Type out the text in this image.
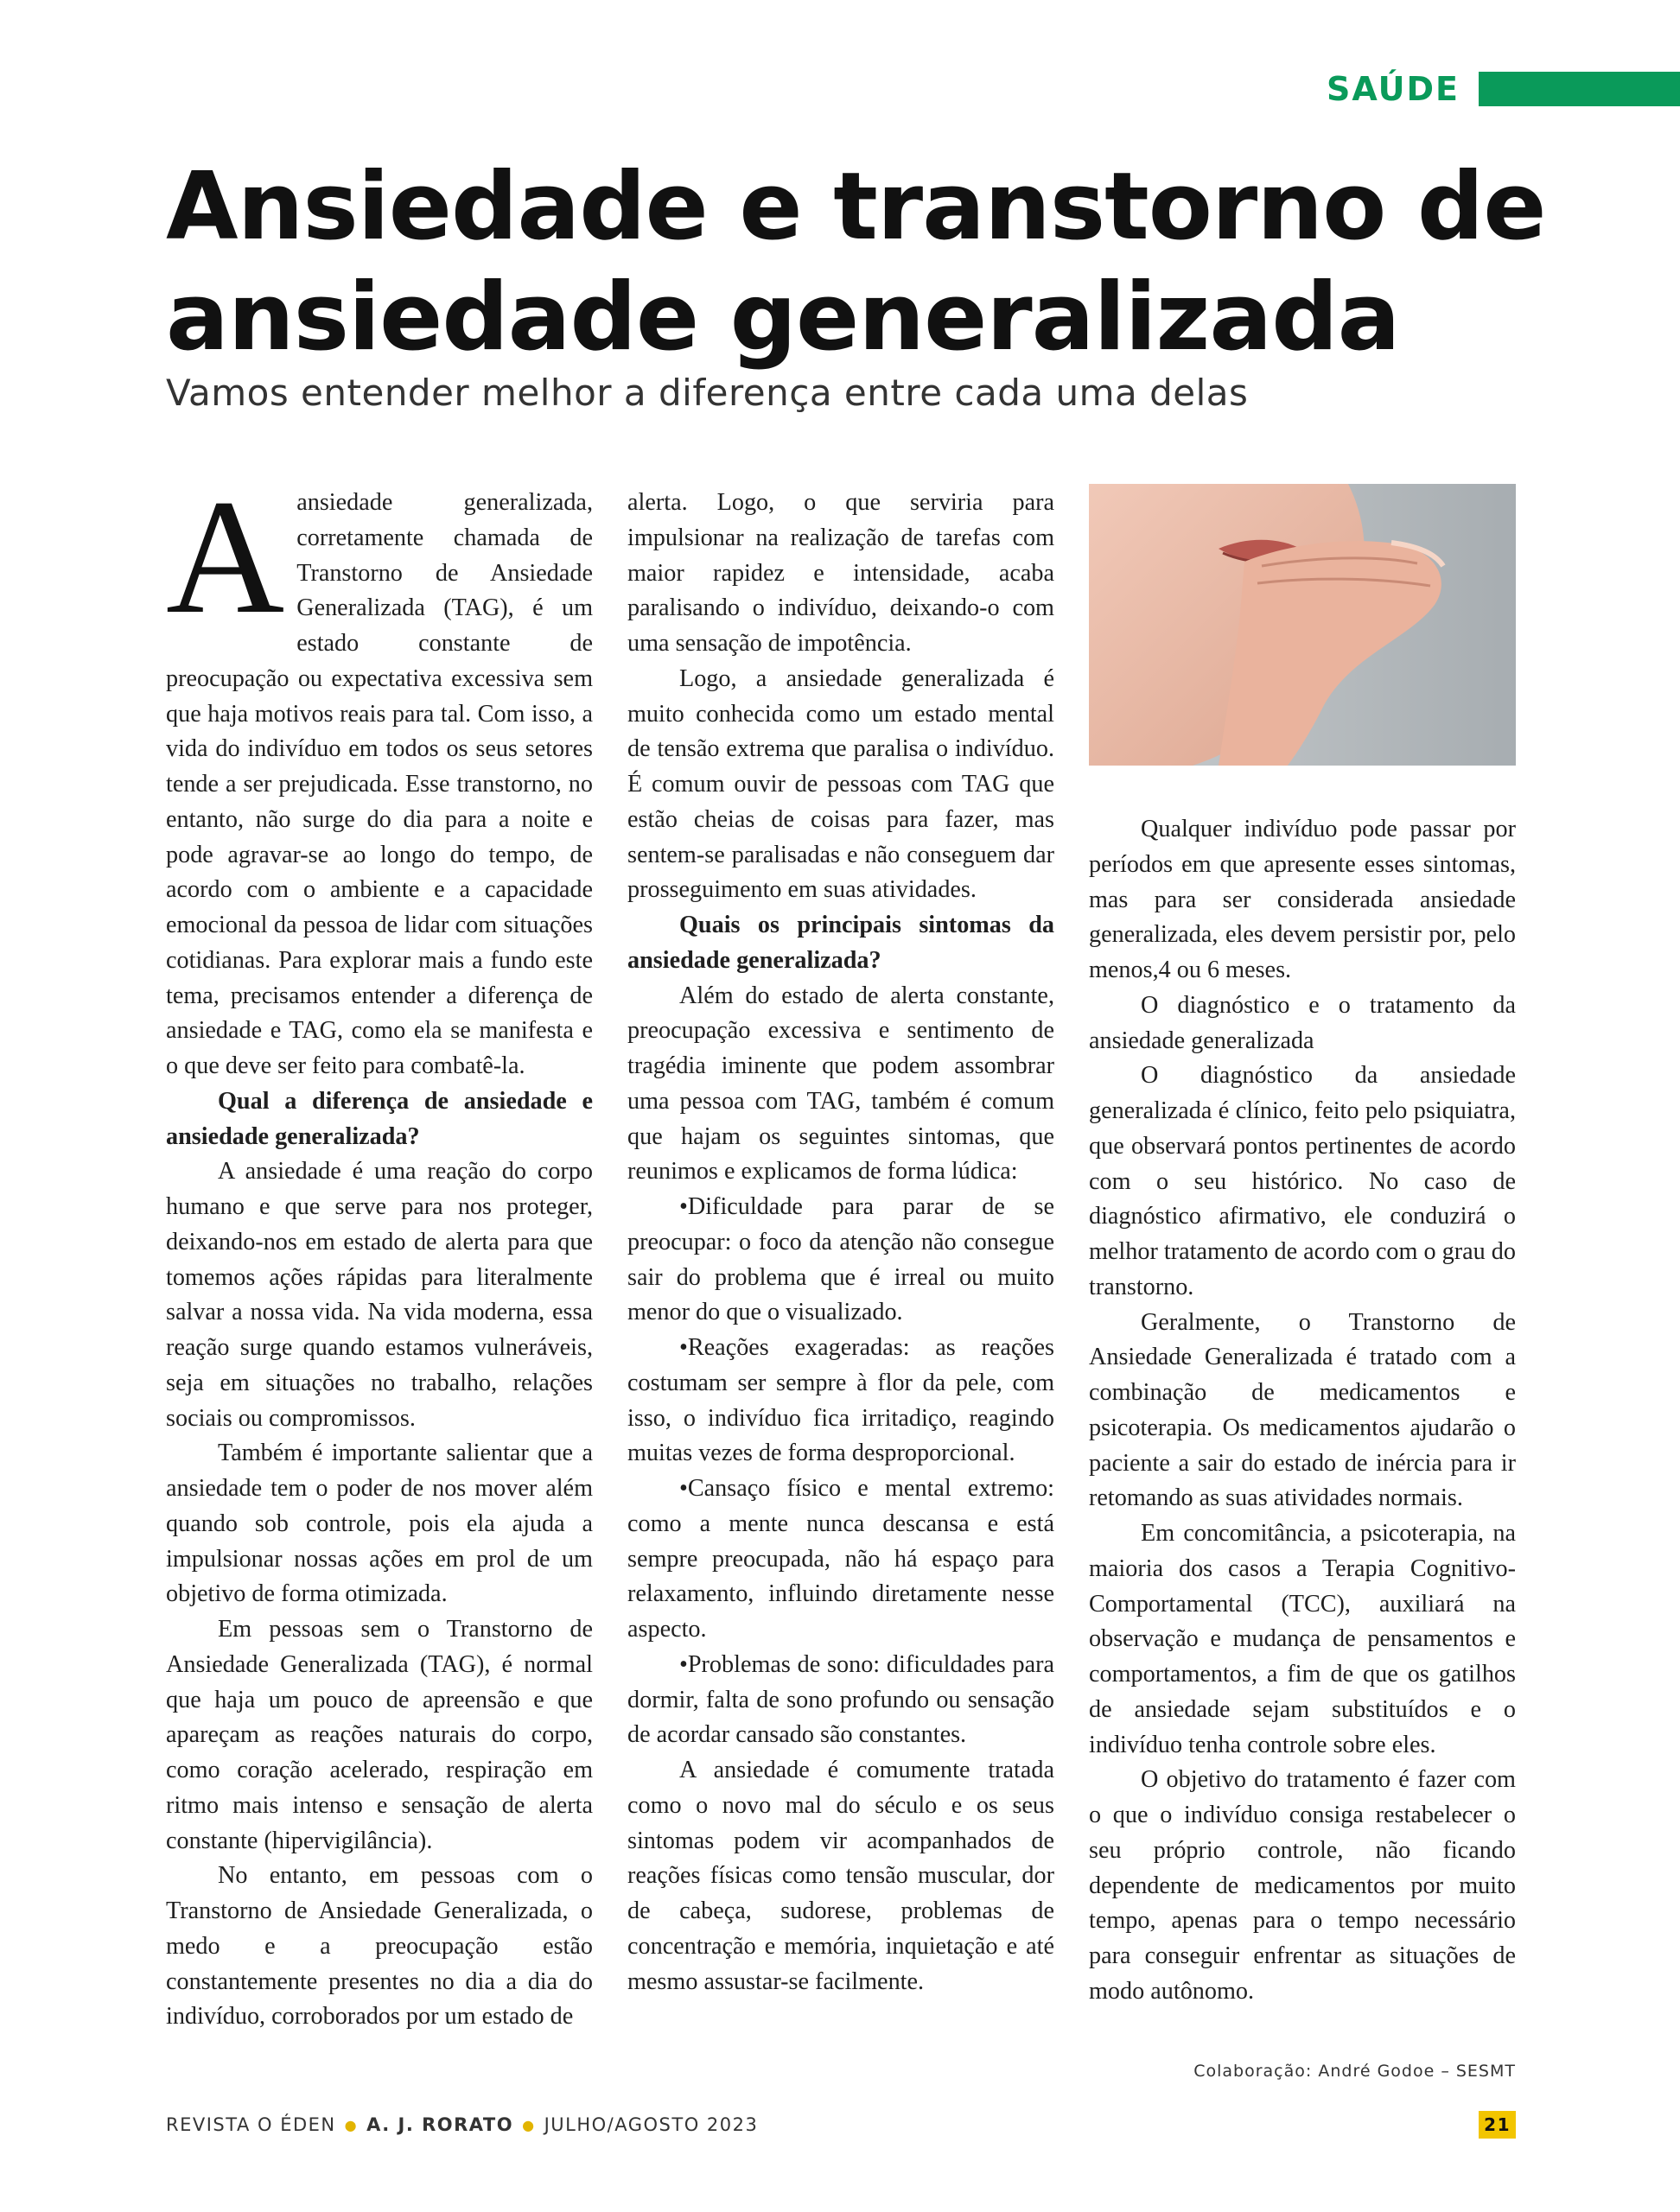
SAÚDE
Ansiedade e transtorno de ansiedade generalizada
Vamos entender melhor a diferença entre cada uma delas
A ansiedade generalizada, corretamente chamada de Transtorno de Ansiedade Generalizada (TAG), é um estado constante de preocupação ou expectativa excessiva sem que haja motivos reais para tal. Com isso, a vida do indivíduo em todos os seus setores tende a ser prejudicada. Esse transtorno, no entanto, não surge do dia para a noite e pode agravar-se ao longo do tempo, de acordo com o ambiente e a capacidade emocional da pessoa de lidar com situações cotidianas. Para explorar mais a fundo este tema, precisamos entender a diferença de ansiedade e TAG, como ela se manifesta e o que deve ser feito para combatê-la.

Qual a diferença de ansiedade e ansiedade generalizada?

A ansiedade é uma reação do corpo humano e que serve para nos proteger, deixando-nos em estado de alerta para que tomemos ações rápidas para literalmente salvar a nossa vida. Na vida moderna, essa reação surge quando estamos vulneráveis, seja em situações no trabalho, relações sociais ou compromissos.

Também é importante salientar que a ansiedade tem o poder de nos mover além quando sob controle, pois ela ajuda a impulsionar nossas ações em prol de um objetivo de forma otimizada.

Em pessoas sem o Transtorno de Ansiedade Generalizada (TAG), é normal que haja um pouco de apreensão e que apareçam as reações naturais do corpo, como coração acelerado, respiração em ritmo mais intenso e sensação de alerta constante (hipervigilância).

No entanto, em pessoas com o Transtorno de Ansiedade Generalizada, o medo e a preocupação estão constantemente presentes no dia a dia do indivíduo, corroborados por um estado de

alerta. Logo, o que serviria para impulsionar na realização de tarefas com maior rapidez e intensidade, acaba paralisando o indivíduo, deixando-o com uma sensação de impotência.

Logo, a ansiedade generalizada é muito conhecida como um estado mental de tensão extrema que paralisa o indivíduo. É comum ouvir de pessoas com TAG que estão cheias de coisas para fazer, mas sentem-se paralisadas e não conseguem dar prosseguimento em suas atividades.

Quais os principais sintomas da ansiedade generalizada?

Além do estado de alerta constante, preocupação excessiva e sentimento de tragédia iminente que podem assombrar uma pessoa com TAG, também é comum que hajam os seguintes sintomas, que reunimos e explicamos de forma lúdica:

•Dificuldade para parar de se preocupar: o foco da atenção não consegue sair do problema que é irreal ou muito menor do que o visualizado.

•Reações exageradas: as reações costumam ser sempre à flor da pele, com isso, o indivíduo fica irritadiço, reagindo muitas vezes de forma desproporcional.

•Cansaço físico e mental extremo: como a mente nunca descansa e está sempre preocupada, não há espaço para relaxamento, influindo diretamente nesse aspecto.

•Problemas de sono: dificuldades para dormir, falta de sono profundo ou sensação de acordar cansado são constantes.

A ansiedade é comumente tratada como o novo mal do século e os seus sintomas podem vir acompanhados de reações físicas como tensão muscular, dor de cabeça, sudorese, problemas de concentração e memória, inquietação e até mesmo assustar-se facilmente.

Qualquer indivíduo pode passar por períodos em que apresente esses sintomas, mas para ser considerada ansiedade generalizada, eles devem persistir por, pelo menos,4 ou 6 meses.

O diagnóstico e o tratamento da ansiedade generalizada

O diagnóstico da ansiedade generalizada é clínico, feito pelo psiquiatra, que observará pontos pertinentes de acordo com o seu histórico. No caso de diagnóstico afirmativo, ele conduzirá o melhor tratamento de acordo com o grau do transtorno.

Geralmente, o Transtorno de Ansiedade Generalizada é tratado com a combinação de medicamentos e psicoterapia. Os medicamentos ajudarão o paciente a sair do estado de inércia para ir retomando as suas atividades normais.

Em concomitância, a psicoterapia, na maioria dos casos a Terapia Cognitivo-Comportamental (TCC), auxiliará na observação e mudança de pensamentos e comportamentos, a fim de que os gatilhos de ansiedade sejam substituídos e o indivíduo tenha controle sobre eles.

O objetivo do tratamento é fazer com o que o indivíduo consiga restabelecer o seu próprio controle, não ficando dependente de medicamentos por muito tempo, apenas para o tempo necessário para conseguir enfrentar as situações de modo autônomo.

Colaboração: André Godoe – SESMT
REVISTA O ÉDEN ● A. J. RORATO ● JULHO/AGOSTO 2023	21
